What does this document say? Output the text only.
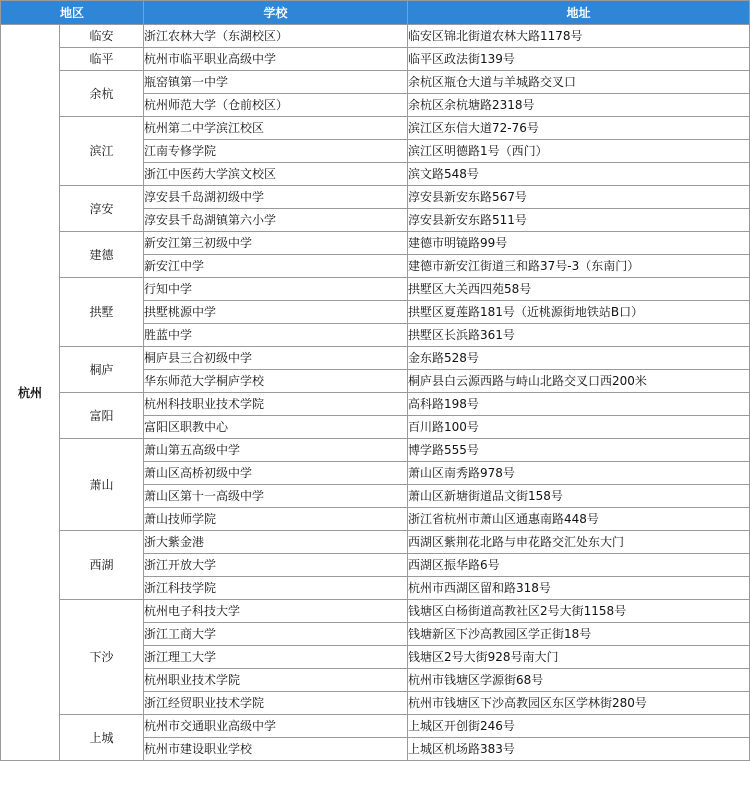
地区		学校	地址
杭州	临安	浙江农林大学（东湖校区）	临安区锦北街道农林大路1178号
	临平	杭州市临平职业高级中学	临平区政法街139号
	余杭	瓶窑镇第一中学	余杭区瓶仓大道与羊城路交叉口
		杭州师范大学（仓前校区）	余杭区余杭塘路2318号
	滨江	杭州第二中学滨江校区	滨江区东信大道72-76号
		江南专修学院	滨江区明德路1号（西门）
		浙江中医药大学滨文校区	滨文路548号
	淳安	淳安县千岛湖初级中学	淳安县新安东路567号
		淳安县千岛湖镇第六小学	淳安县新安东路511号
	建德	新安江第三初级中学	建德市明镜路99号
		新安江中学	建德市新安江街道三和路37号-3（东南门）
	拱墅	行知中学	拱墅区大关西四苑58号
		拱墅桃源中学	拱墅区夏莲路181号（近桃源街地铁站B口）
		胜蓝中学	拱墅区长浜路361号
	桐庐	桐庐县三合初级中学	金东路528号
		华东师范大学桐庐学校	桐庐县白云源西路与峙山北路交叉口西200米
	富阳	杭州科技职业技术学院	高科路198号
		富阳区职教中心	百川路100号
	萧山	萧山第五高级中学	博学路555号
		萧山区高桥初级中学	萧山区南秀路978号
		萧山区第十一高级中学	萧山区新塘街道品文街158号
		萧山技师学院	浙江省杭州市萧山区通惠南路448号
	西湖	浙大紫金港	西湖区紫荆花北路与申花路交汇处东大门
		浙江开放大学	西湖区振华路6号
		浙江科技学院	杭州市西湖区留和路318号
	下沙	杭州电子科技大学	钱塘区白杨街道高教社区2号大街1158号
		浙江工商大学	钱塘新区下沙高教园区学正街18号
		浙江理工大学	钱塘区2号大街928号南大门
		杭州职业技术学院	杭州市钱塘区学源街68号
		浙江经贸职业技术学院	杭州市钱塘区下沙高教园区东区学林街280号
	上城	杭州市交通职业高级中学	上城区开创街246号
		杭州市建设职业学校	上城区机场路383号
